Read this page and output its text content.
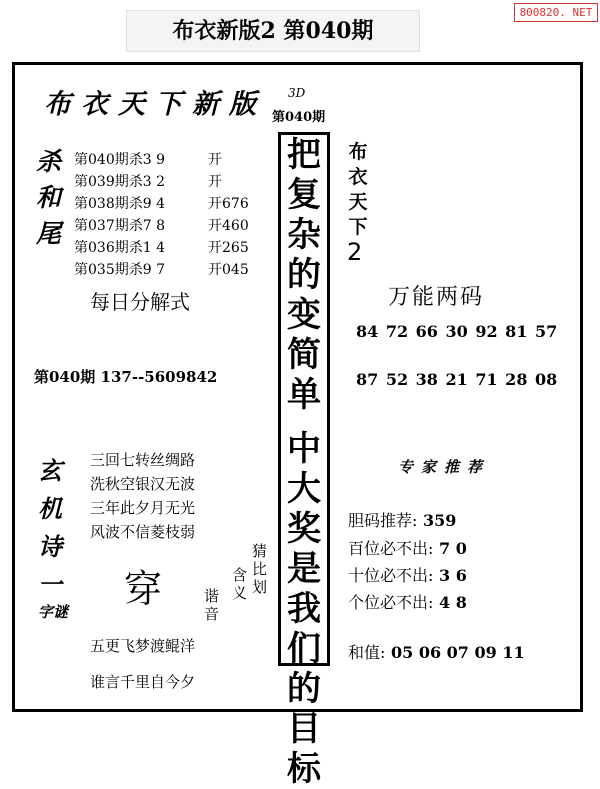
布衣新版2 第040期
800820. NET
布衣天下新版 3D
第040期
杀
和
尾
第040期杀3 9	开
第039期杀3 2	开
第038期杀9 4	开676
第037期杀7 8	开460
第036期杀1 4	开265
第035期杀9 7	开045
每日分解式
第040期 137--5609842
玄
机
诗
一
字谜
三回七转丝绸路
洗秋空银汉无波
三年此夕月无光
风波不信菱枝弱
穿	谐
音
含
义
猜
比
划
五更飞梦渡鲲洋
谁言千里自今夕
把
复
杂
的
变
简
单
中
大
奖
是
我
们
的
目
标
布
衣
天
下
2
万能两码
84 72 66 30 92 81 57
87 52 38 21 71 28 08
专家推荐
胆码推荐: 359
百位必不出: 7 0
十位必不出: 3 6
个位必不出: 4 8
和值: 05 06 07 09 11
